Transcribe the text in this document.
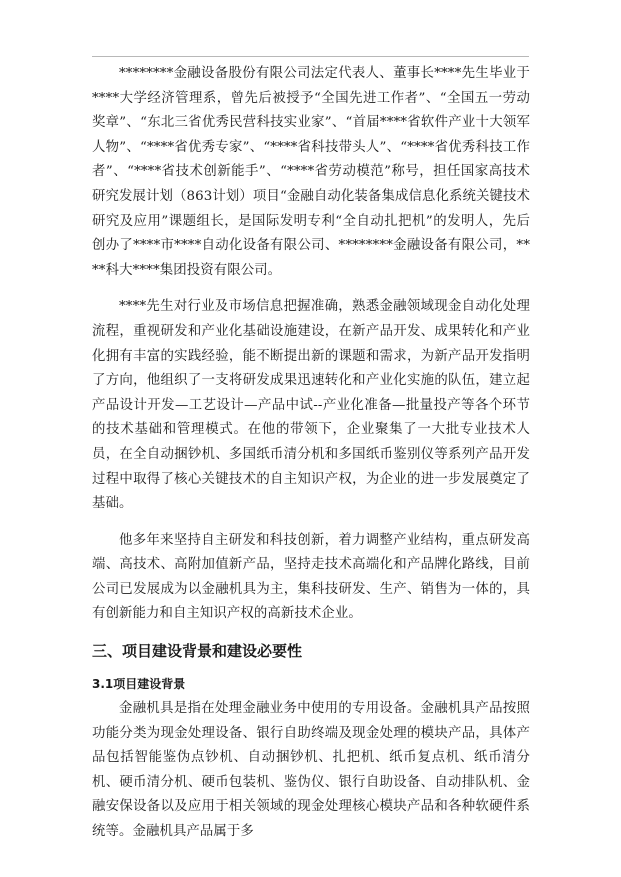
********金融设备股份有限公司法定代表人、董事长****先生毕业于****大学经济管理系，曾先后被授予“全国先进工作者”、“全国五一劳动奖章”、“东北三省优秀民营科技实业家”、“首届****省软件产业十大领军人物”、“****省优秀专家”、“****省科技带头人”、“****省优秀科技工作者”、“****省技术创新能手”、“****省劳动模范”称号，担任国家高技术研究发展计划（863计划）项目“金融自动化装备集成信息化系统关键技术研究及应用”课题组长，是国际发明专利“全自动扎把机”的发明人，先后创办了****市****自动化设备有限公司、********金融设备有限公司，****科大****集团投资有限公司。

****先生对行业及市场信息把握准确，熟悉金融领域现金自动化处理流程，重视研发和产业化基础设施建设，在新产品开发、成果转化和产业化拥有丰富的实践经验，能不断提出新的课题和需求，为新产品开发指明了方向，他组织了一支将研发成果迅速转化和产业化实施的队伍，建立起产品设计开发—工艺设计—产品中试--产业化准备—批量投产等各个环节的技术基础和管理模式。在他的带领下，企业聚集了一大批专业技术人员，在全自动捆钞机、多国纸币清分机和多国纸币鉴别仪等系列产品开发过程中取得了核心关键技术的自主知识产权，为企业的进一步发展奠定了基础。

他多年来坚持自主研发和科技创新，着力调整产业结构，重点研发高端、高技术、高附加值新产品，坚持走技术高端化和产品牌化路线，目前公司已发展成为以金融机具为主，集科技研发、生产、销售为一体的，具有创新能力和自主知识产权的高新技术企业。

三、项目建设背景和建设必要性
3.1项目建设背景

金融机具是指在处理金融业务中使用的专用设备。金融机具产品按照功能分类为现金处理设备、银行自助终端及现金处理的模块产品，具体产品包括智能鉴伪点钞机、自动捆钞机、扎把机、纸币复点机、纸币清分机、硬币清分机、硬币包装机、鉴伪仪、银行自助设备、自动排队机、金融安保设备以及应用于相关领域的现金处理核心模块产品和各种软硬件系统等。金融机具产品属于多
